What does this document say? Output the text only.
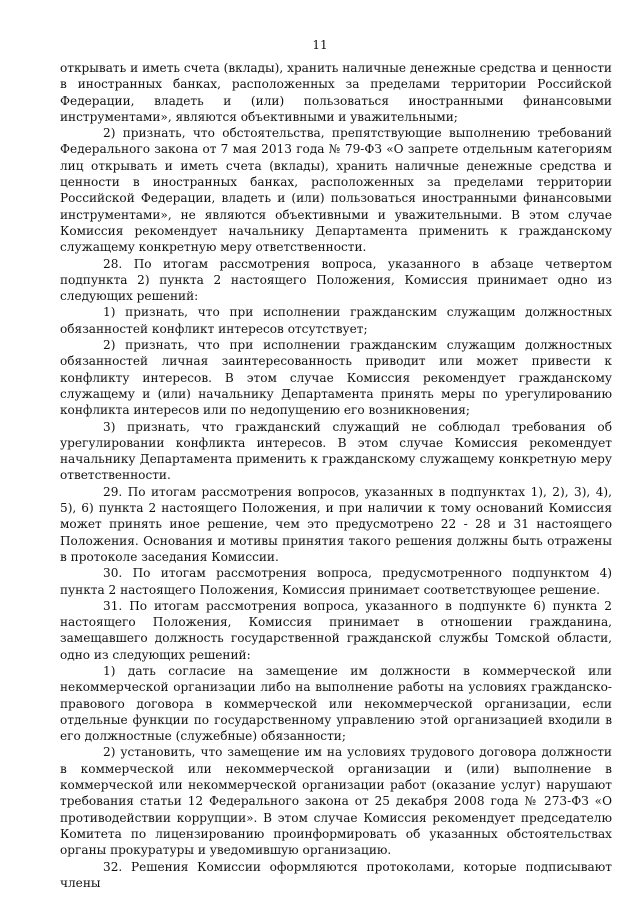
11

открывать и иметь счета (вклады), хранить наличные денежные средства и ценности в иностранных банках, расположенных за пределами территории Российской Федерации, владеть и (или) пользоваться иностранными финансовыми инструментами», являются объективными и уважительными;

2) признать, что обстоятельства, препятствующие выполнению требований Федерального закона от 7 мая 2013 года № 79-ФЗ «О запрете отдельным категориям лиц открывать и иметь счета (вклады), хранить наличные денежные средства и ценности в иностранных банках, расположенных за пределами территории Российской Федерации, владеть и (или) пользоваться иностранными финансовыми инструментами», не являются объективными и уважительными. В этом случае Комиссия рекомендует начальнику Департамента применить к гражданскому служащему конкретную меру ответственности.

28. По итогам рассмотрения вопроса, указанного в абзаце четвертом подпункта 2) пункта 2 настоящего Положения, Комиссия принимает одно из следующих решений:

1) признать, что при исполнении гражданским служащим должностных обязанностей конфликт интересов отсутствует;

2) признать, что при исполнении гражданским служащим должностных обязанностей личная заинтересованность приводит или может привести к конфликту интересов. В этом случае Комиссия рекомендует гражданскому служащему и (или) начальнику Департамента принять меры по урегулированию конфликта интересов или по недопущению его возникновения;

3) признать, что гражданский служащий не соблюдал требования об урегулировании конфликта интересов. В этом случае Комиссия рекомендует начальнику Департамента применить к гражданскому служащему конкретную меру ответственности.

29. По итогам рассмотрения вопросов, указанных в подпунктах 1), 2), 3), 4), 5), 6) пункта 2 настоящего Положения, и при наличии к тому оснований Комиссия может принять иное решение, чем это предусмотрено 22 - 28 и 31 настоящего Положения. Основания и мотивы принятия такого решения должны быть отражены в протоколе заседания Комиссии.

30. По итогам рассмотрения вопроса, предусмотренного подпунктом 4) пункта 2 настоящего Положения, Комиссия принимает соответствующее решение.

31. По итогам рассмотрения вопроса, указанного в подпункте 6) пункта 2 настоящего Положения, Комиссия принимает в отношении гражданина, замещавшего должность государственной гражданской службы Томской области, одно из следующих решений:

1) дать согласие на замещение им должности в коммерческой или некоммерческой организации либо на выполнение работы на условиях гражданско-правового договора в коммерческой или некоммерческой организации, если отдельные функции по государственному управлению этой организацией входили в его должностные (служебные) обязанности;

2) установить, что замещение им на условиях трудового договора должности в коммерческой или некоммерческой организации и (или) выполнение в коммерческой или некоммерческой организации работ (оказание услуг) нарушают требования статьи 12 Федерального закона от 25 декабря 2008 года № 273-ФЗ «О противодействии коррупции». В этом случае Комиссия рекомендует председателю Комитета по лицензированию проинформировать об указанных обстоятельствах органы прокуратуры и уведомившую организацию.

32. Решения Комиссии оформляются протоколами, которые подписывают члены
